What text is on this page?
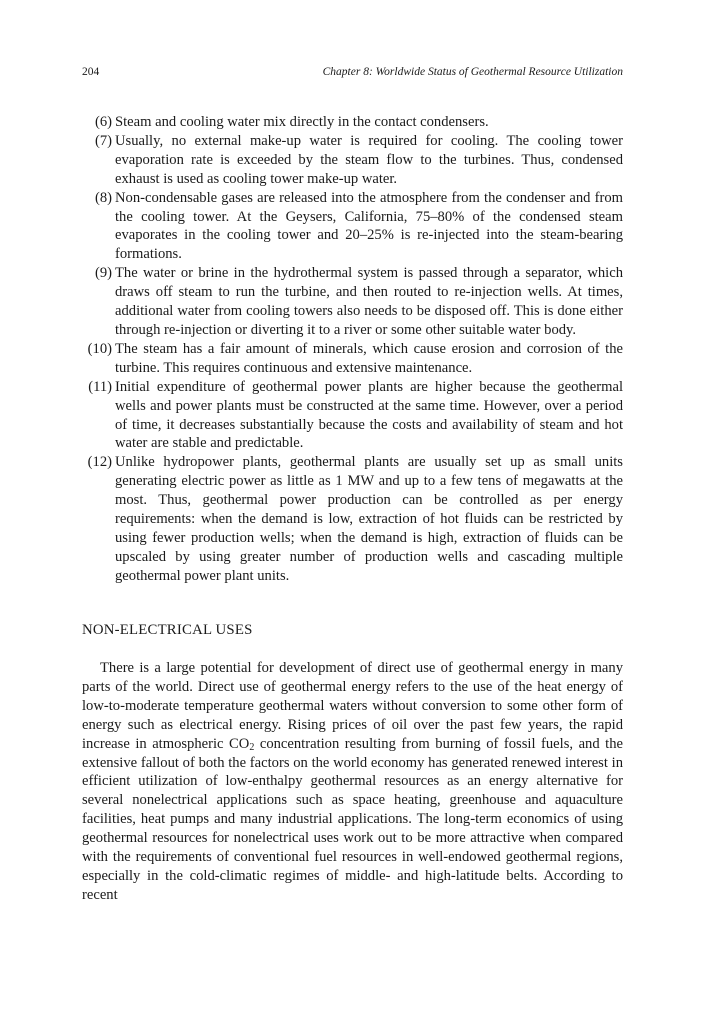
204	Chapter 8: Worldwide Status of Geothermal Resource Utilization
(6) Steam and cooling water mix directly in the contact condensers.
(7) Usually, no external make-up water is required for cooling. The cooling tower evaporation rate is exceeded by the steam flow to the turbines. Thus, condensed exhaust is used as cooling tower make-up water.
(8) Non-condensable gases are released into the atmosphere from the condenser and from the cooling tower. At the Geysers, California, 75–80% of the condensed steam evaporates in the cooling tower and 20–25% is re-injected into the steam-bearing formations.
(9) The water or brine in the hydrothermal system is passed through a separator, which draws off steam to run the turbine, and then routed to re-injection wells. At times, additional water from cooling towers also needs to be disposed off. This is done either through re-injection or diverting it to a river or some other suitable water body.
(10) The steam has a fair amount of minerals, which cause erosion and corrosion of the turbine. This requires continuous and extensive maintenance.
(11) Initial expenditure of geothermal power plants are higher because the geothermal wells and power plants must be constructed at the same time. However, over a period of time, it decreases substantially because the costs and availability of steam and hot water are stable and predictable.
(12) Unlike hydropower plants, geothermal plants are usually set up as small units generating electric power as little as 1 MW and up to a few tens of megawatts at the most. Thus, geothermal power production can be controlled as per energy requirements: when the demand is low, extraction of hot fluids can be restricted by using fewer production wells; when the demand is high, extraction of fluids can be upscaled by using greater number of production wells and cascading multiple geothermal power plant units.
NON-ELECTRICAL USES

There is a large potential for development of direct use of geothermal energy in many parts of the world. Direct use of geothermal energy refers to the use of the heat energy of low-to-moderate temperature geothermal waters without conversion to some other form of energy such as electrical energy. Rising prices of oil over the past few years, the rapid increase in atmospheric $CO_2$ concentration resulting from burning of fossil fuels, and the extensive fallout of both the factors on the world economy has generated renewed interest in efficient utilization of low-enthalpy geothermal resources as an energy alternative for several nonelectrical applications such as space heating, greenhouse and aquaculture facilities, heat pumps and many industrial applications. The long-term economics of using geothermal resources for nonelectrical uses work out to be more attractive when compared with the requirements of conventional fuel resources in well-endowed geothermal regions, especially in the cold-climatic regimes of middle- and high-latitude belts. According to recent
